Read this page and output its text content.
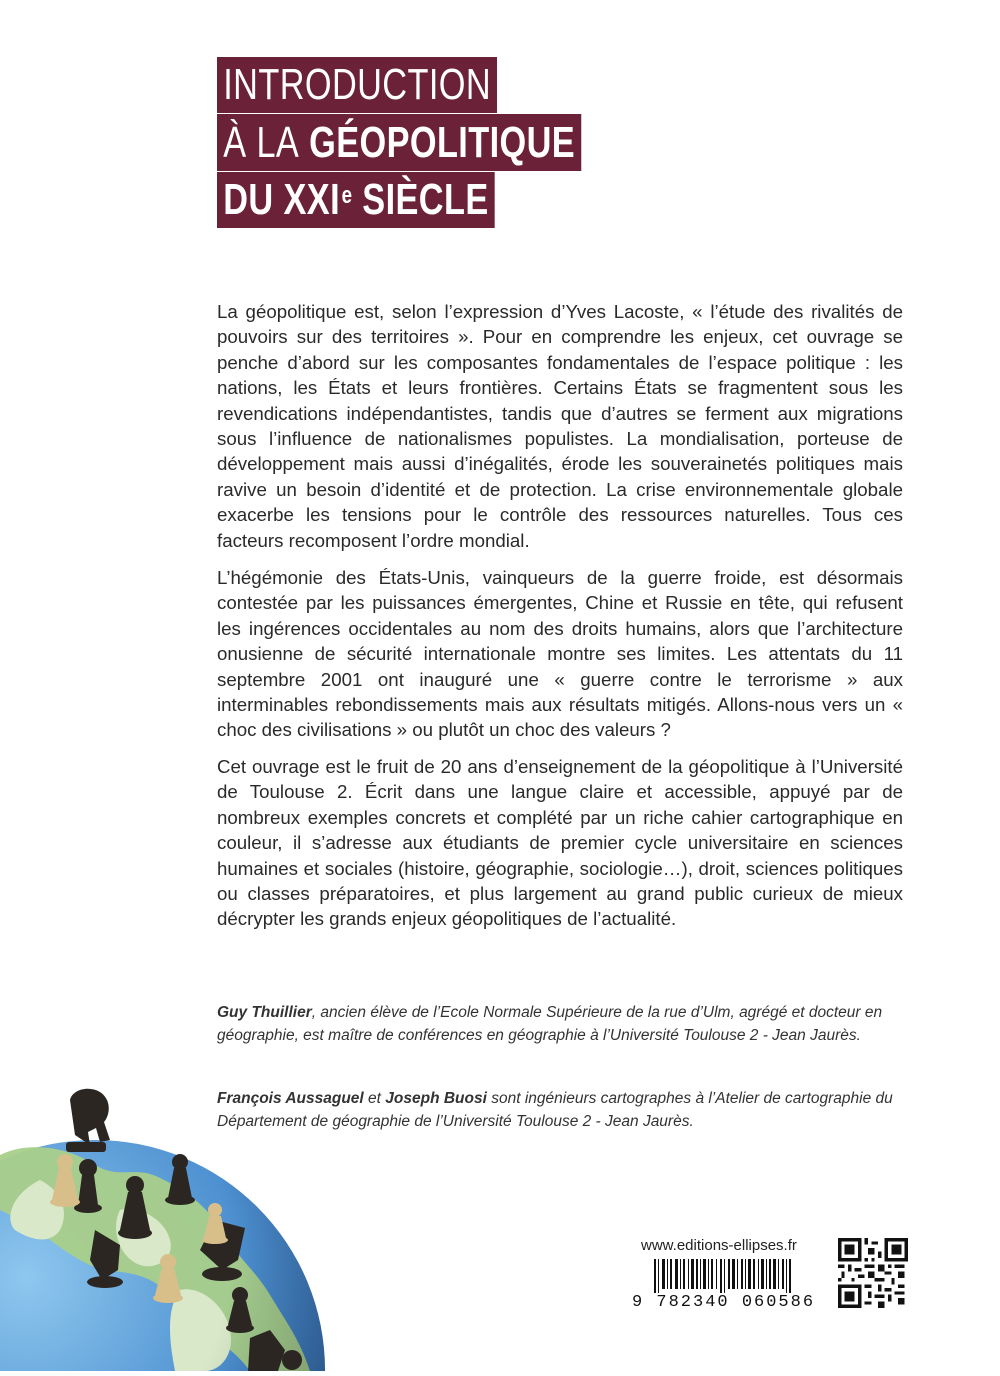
INTRODUCTION
À LA
GÉOPOLITIQUE
DU XXIe
SIÈCLE
La géopolitique est, selon l’expression d’Yves Lacoste, « l’étude des rivalités de pouvoirs sur des territoires ». Pour en comprendre les enjeux, cet ouvrage se penche d’abord sur les composantes fondamentales de l’espace politique : les nations, les États et leurs frontières. Certains États se fragmentent sous les revendications indépendantistes, tandis que d’autres se ferment aux migrations sous l’influence de nationalismes populistes. La mondialisation, porteuse de développement mais aussi d’inégalités, érode les souverainetés politiques mais ravive un besoin d’identité et de protection. La crise environnementale globale exacerbe les tensions pour le contrôle des ressources naturelles. Tous ces facteurs recomposent l’ordre mondial.
L’hégémonie des États-Unis, vainqueurs de la guerre froide, est désormais contestée par les puissances émergentes, Chine et Russie en tête, qui refusent les ingérences occidentales au nom des droits humains, alors que l’architecture onusienne de sécurité internationale montre ses limites. Les attentats du 11 septembre 2001 ont inauguré une « guerre contre le terrorisme » aux interminables rebondissements mais aux résultats mitigés. Allons-nous vers un « choc des civilisations » ou plutôt un choc des valeurs ?
Cet ouvrage est le fruit de 20 ans d’enseignement de la géopolitique à l’Université de Toulouse 2. Écrit dans une langue claire et accessible, appuyé par de nombreux exemples concrets et complété par un riche cahier cartographique en couleur, il s’adresse aux étudiants de premier cycle universitaire en sciences humaines et sociales (histoire, géographie, sociologie…), droit, sciences politiques ou classes préparatoires, et plus largement au grand public curieux de mieux décrypter les grands enjeux géopolitiques de l’actualité.
Guy Thuillier, ancien élève de l’Ecole Normale Supérieure de la rue d’Ulm, agrégé et docteur en géographie, est maître de conférences en géographie à l’Université Toulouse 2 - Jean Jaurès.
François Aussaguel et Joseph Buosi sont ingénieurs cartographes à l’Atelier de cartographie du Département de géographie de l’Université Toulouse 2 - Jean Jaurès.
www.editions-ellipses.fr
9 782340 060586
